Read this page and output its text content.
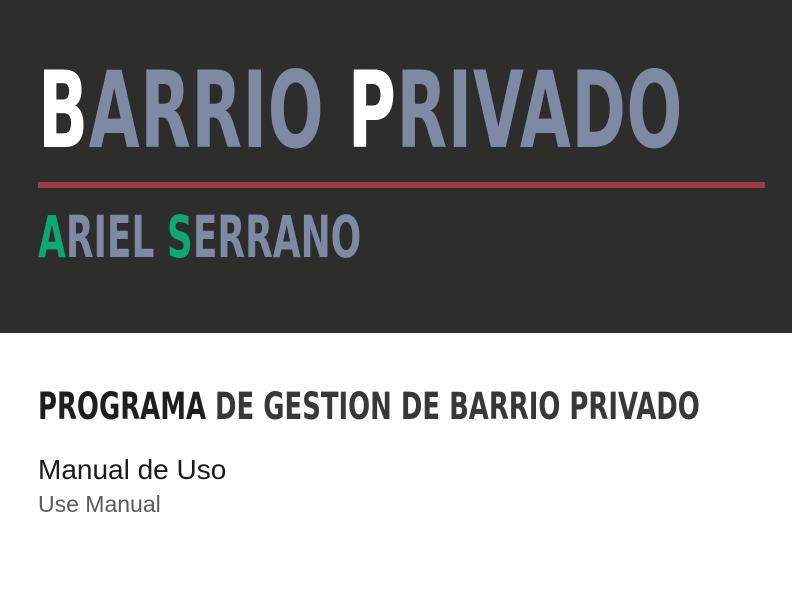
BARRIO PRIVADO
ARIEL SERRANO
PROGRAMA DE GESTION DE BARRIO PRIVADO

Manual de Uso

Use Manual
